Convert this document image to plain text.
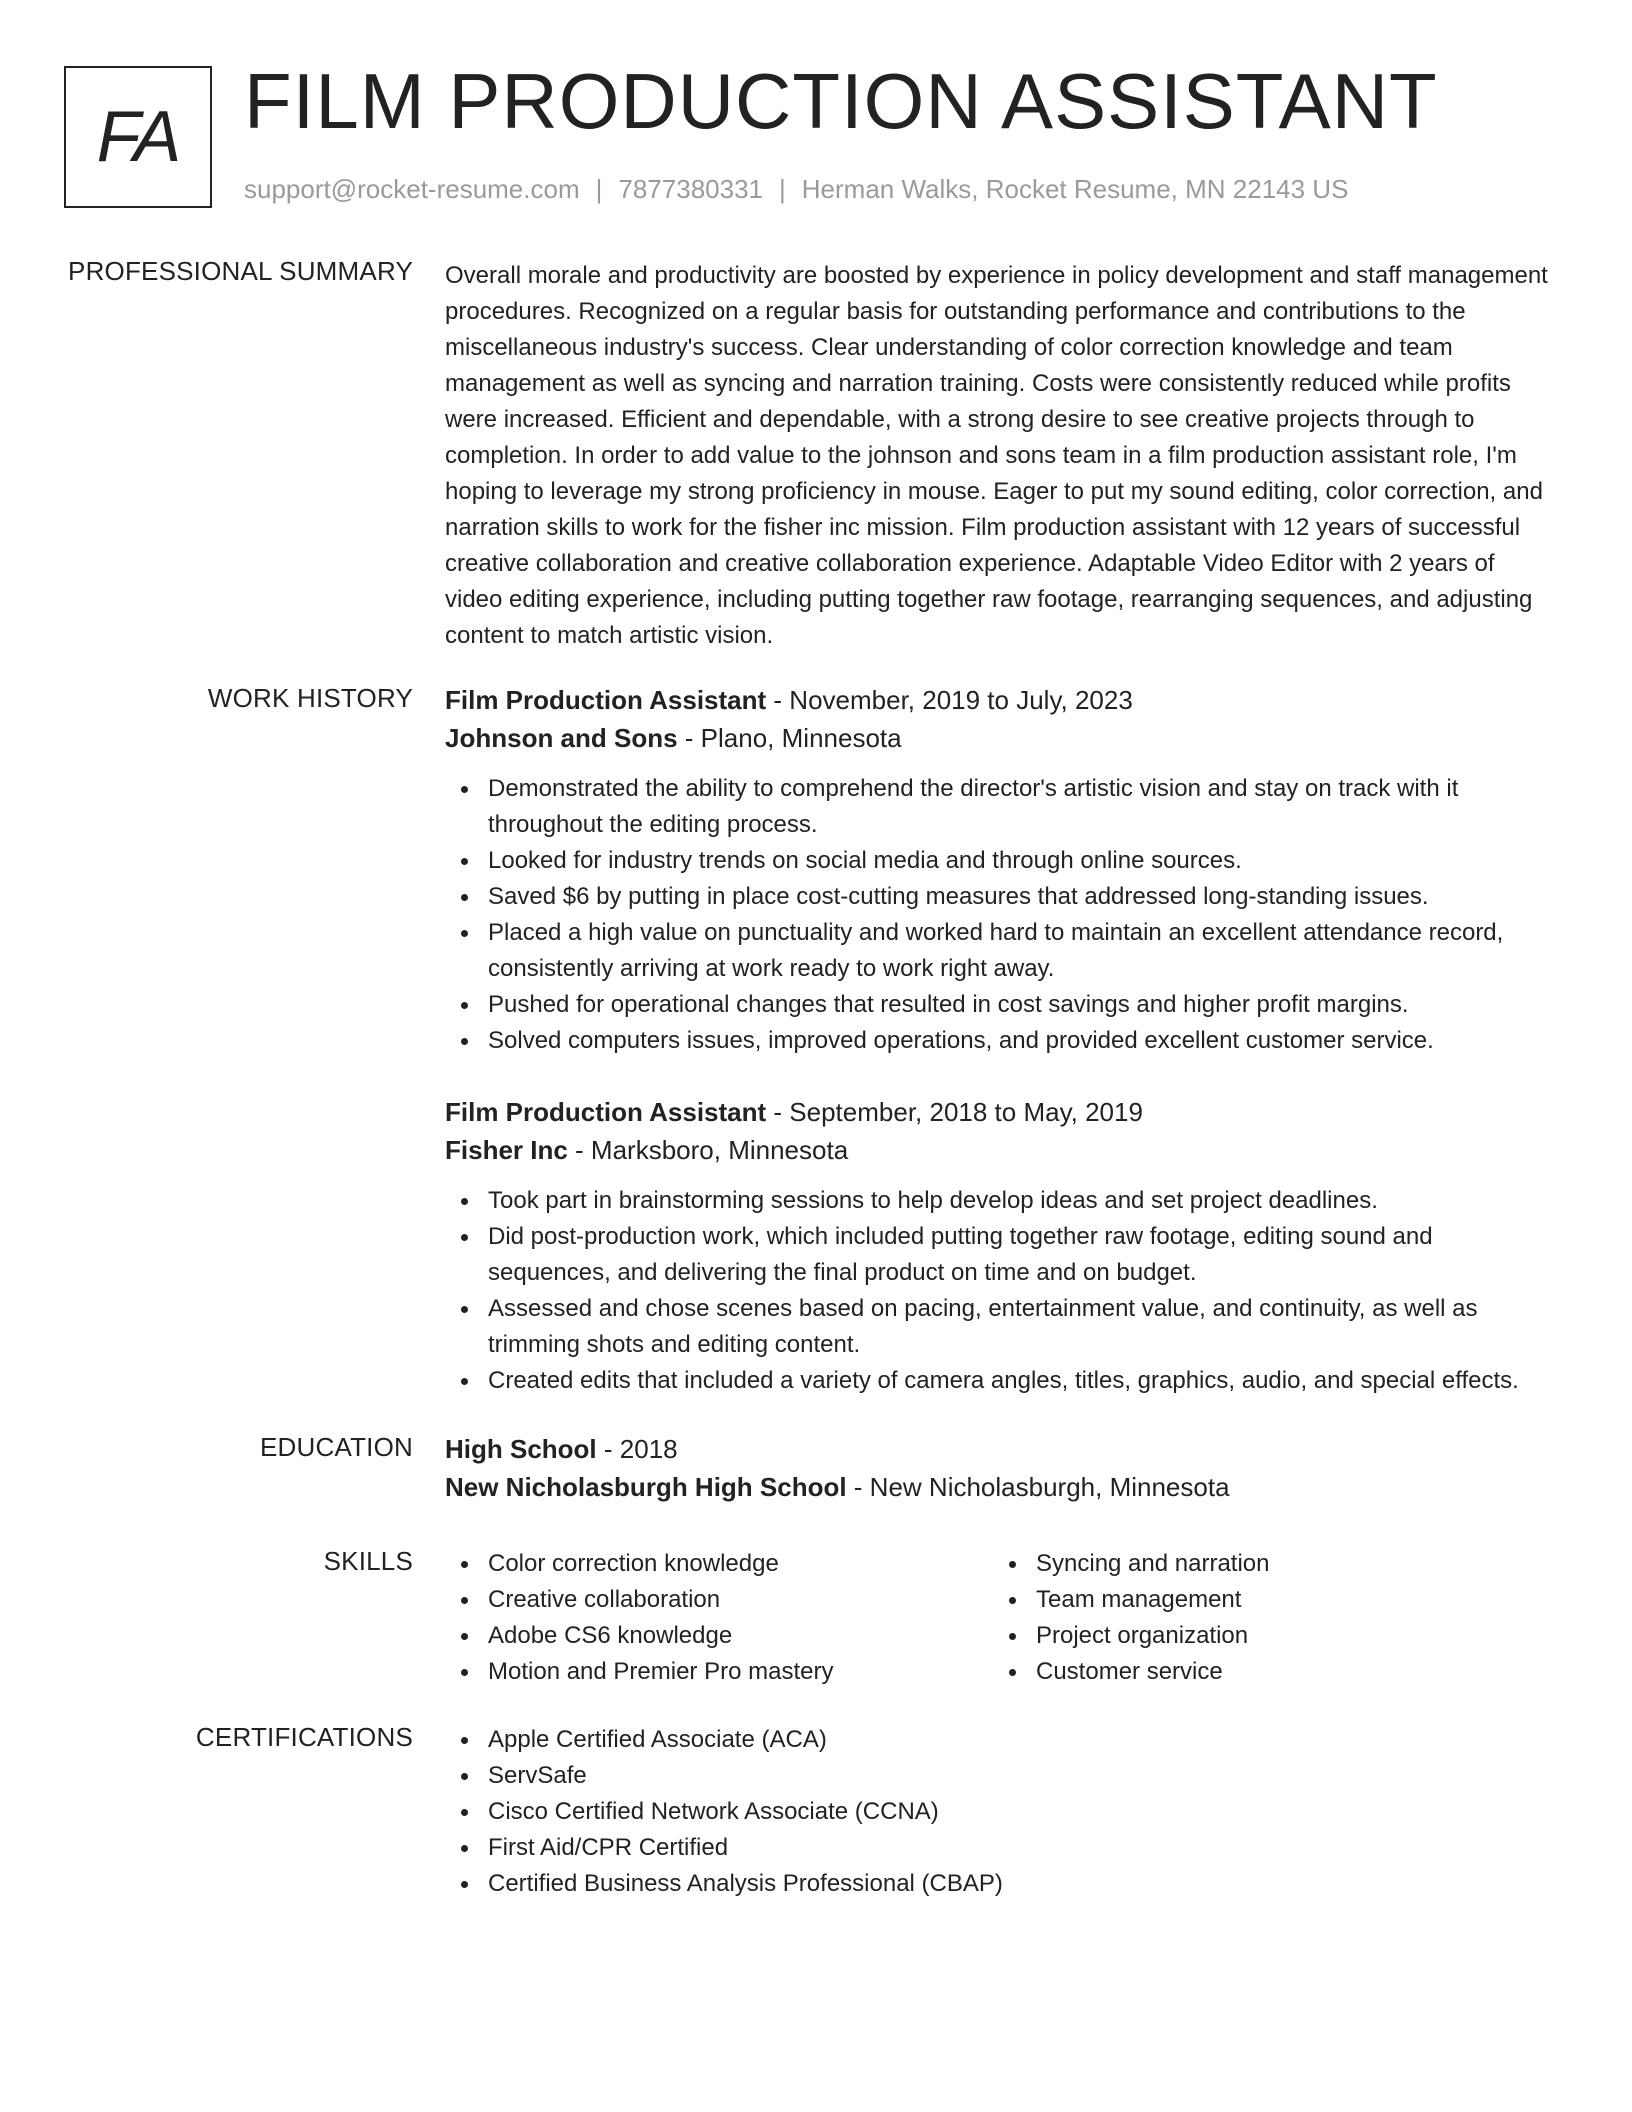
FA FILM PRODUCTION ASSISTANT
support@rocket-resume.com | 7877380331 | Herman Walks, Rocket Resume, MN 22143 US
PROFESSIONAL SUMMARY Overall morale and productivity are boosted by experience in policy development and staff management procedures. Recognized on a regular basis for outstanding performance and contributions to the miscellaneous industry's success. Clear understanding of color correction knowledge and team management as well as syncing and narration training. Costs were consistently reduced while profits were increased. Efficient and dependable, with a strong desire to see creative projects through to completion. In order to add value to the johnson and sons team in a film production assistant role, I'm hoping to leverage my strong proficiency in mouse. Eager to put my sound editing, color correction, and narration skills to work for the fisher inc mission. Film production assistant with 12 years of successful creative collaboration and creative collaboration experience. Adaptable Video Editor with 2 years of video editing experience, including putting together raw footage, rearranging sequences, and adjusting content to match artistic vision.
WORK HISTORY Film Production Assistant - November, 2019 to July, 2023
Johnson and Sons - Plano, Minnesota
Demonstrated the ability to comprehend the director's artistic vision and stay on track with it throughout the editing process.
Looked for industry trends on social media and through online sources.
Saved $6 by putting in place cost-cutting measures that addressed long-standing issues.
Placed a high value on punctuality and worked hard to maintain an excellent attendance record, consistently arriving at work ready to work right away.
Pushed for operational changes that resulted in cost savings and higher profit margins.
Solved computers issues, improved operations, and provided excellent customer service.
Film Production Assistant - September, 2018 to May, 2019
Fisher Inc - Marksboro, Minnesota
Took part in brainstorming sessions to help develop ideas and set project deadlines.
Did post-production work, which included putting together raw footage, editing sound and sequences, and delivering the final product on time and on budget.
Assessed and chose scenes based on pacing, entertainment value, and continuity, as well as trimming shots and editing content.
Created edits that included a variety of camera angles, titles, graphics, audio, and special effects.
EDUCATION High School - 2018
New Nicholasburgh High School - New Nicholasburgh, Minnesota
SKILLS	Color correction knowledge
Creative collaboration
Adobe CS6 knowledge
Motion and Premier Pro mastery
Syncing and narration
Team management
Project organization
Customer service
CERTIFICATIONS	Apple Certified Associate (ACA)
ServSafe
Cisco Certified Network Associate (CCNA)
First Aid/CPR Certified
Certified Business Analysis Professional (CBAP)
